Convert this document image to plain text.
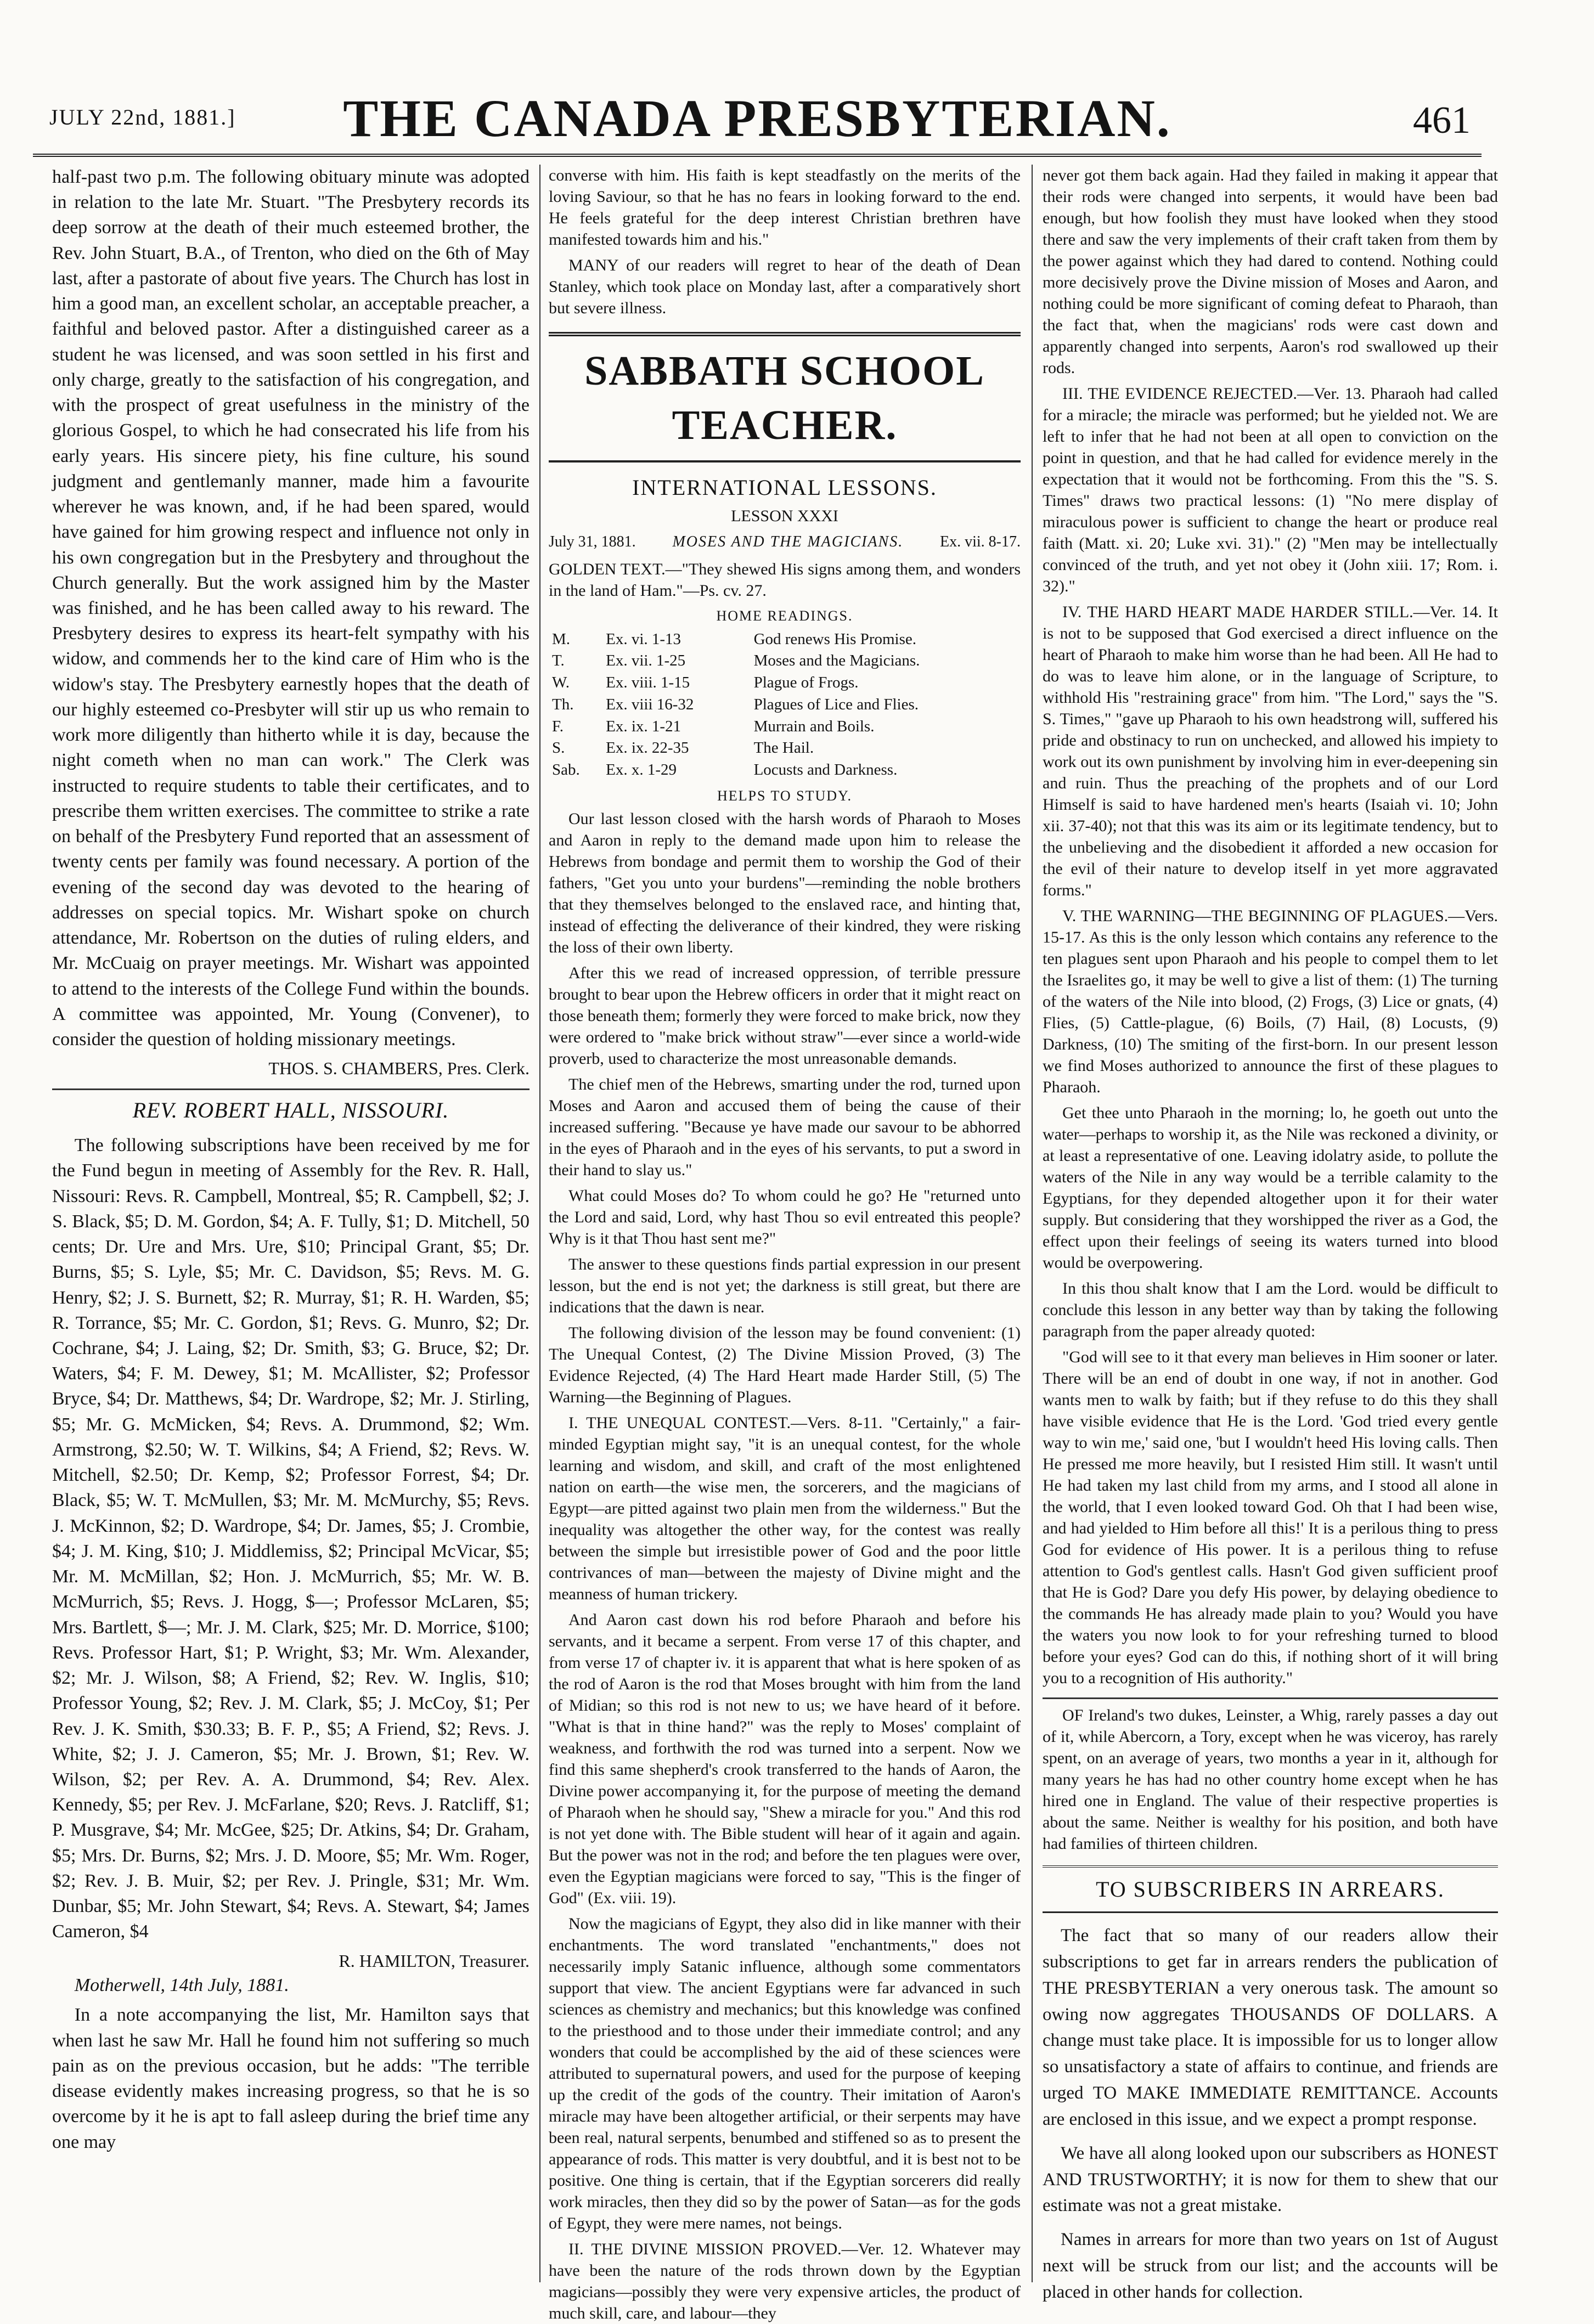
JULY 22nd, 1881.]	THE CANADA PRESBYTERIAN.	461

half-past two p.m. The following obituary minute was adopted in relation to the late Mr. Stuart. "The Presbytery records its deep sorrow at the death of their much esteemed brother, the Rev. John Stuart, B.A., of Trenton, who died on the 6th of May last, after a pastorate of about five years. The Church has lost in him a good man, an excellent scholar, an acceptable preacher, a faithful and beloved pastor. After a distinguished career as a student he was licensed, and was soon settled in his first and only charge, greatly to the satisfaction of his congregation, and with the prospect of great usefulness in the ministry of the glorious Gospel, to which he had consecrated his life from his early years. His sincere piety, his fine culture, his sound judgment and gentlemanly manner, made him a favourite wherever he was known, and, if he had been spared, would have gained for him growing respect and influence not only in his own congregation but in the Presbytery and throughout the Church generally. But the work assigned him by the Master was finished, and he has been called away to his reward. The Presbytery desires to express its heart-felt sympathy with his widow, and commends her to the kind care of Him who is the widow's stay. The Presbytery earnestly hopes that the death of our highly esteemed co-Presbyter will stir up us who remain to work more diligently than hitherto while it is day, because the night cometh when no man can work." The Clerk was instructed to require students to table their certificates, and to prescribe them written exercises. The committee to strike a rate on behalf of the Presbytery Fund reported that an assessment of twenty cents per family was found necessary. A portion of the evening of the second day was devoted to the hearing of addresses on special topics. Mr. Wishart spoke on church attendance, Mr. Robertson on the duties of ruling elders, and Mr. McCuaig on prayer meetings. Mr. Wishart was appointed to attend to the interests of the College Fund within the bounds. A committee was appointed, Mr. Young (Convener), to consider the question of holding missionary meetings.

THOS. S. CHAMBERS, Pres. Clerk.
REV. ROBERT HALL, NISSOURI.

The following subscriptions have been received by me for the Fund begun in meeting of Assembly for the Rev. R. Hall, Nissouri: Revs. R. Campbell, Montreal, $5; R. Campbell, $2; J. S. Black, $5; D. M. Gordon, $4; A. F. Tully, $1; D. Mitchell, 50 cents; Dr. Ure and Mrs. Ure, $10; Principal Grant, $5; Dr. Burns, $5; S. Lyle, $5; Mr. C. Davidson, $5; Revs. M. G. Henry, $2; J. S. Burnett, $2; R. Murray, $1; R. H. Warden, $5; R. Torrance, $5; Mr. C. Gordon, $1; Revs. G. Munro, $2; Dr. Cochrane, $4; J. Laing, $2; Dr. Smith, $3; G. Bruce, $2; Dr. Waters, $4; F. M. Dewey, $1; M. McAllister, $2; Professor Bryce, $4; Dr. Matthews, $4; Dr. Wardrope, $2; Mr. J. Stirling, $5; Mr. G. McMicken, $4; Revs. A. Drummond, $2; Wm. Armstrong, $2.50; W. T. Wilkins, $4; A Friend, $2; Revs. W. Mitchell, $2.50; Dr. Kemp, $2; Professor Forrest, $4; Dr. Black, $5; W. T. McMullen, $3; Mr. M. McMurchy, $5; Revs. J. McKinnon, $2; D. Wardrope, $4; Dr. James, $5; J. Crombie, $4; J. M. King, $10; J. Middlemiss, $2; Principal McVicar, $5; Mr. M. McMillan, $2; Hon. J. McMurrich, $5; Mr. W. B. McMurrich, $5; Revs. J. Hogg, $—; Professor McLaren, $5; Mrs. Bartlett, $—; Mr. J. M. Clark, $25; Mr. D. Morrice, $100; Revs. Professor Hart, $1; P. Wright, $3; Mr. Wm. Alexander, $2; Mr. J. Wilson, $8; A Friend, $2; Rev. W. Inglis, $10; Professor Young, $2; Rev. J. M. Clark, $5; J. McCoy, $1; Per Rev. J. K. Smith, $30.33; B. F. P., $5; A Friend, $2; Revs. J. White, $2; J. J. Cameron, $5; Mr. J. Brown, $1; Rev. W. Wilson, $2; per Rev. A. A. Drummond, $4; Rev. Alex. Kennedy, $5; per Rev. J. McFarlane, $20; Revs. J. Ratcliff, $1; P. Musgrave, $4; Mr. McGee, $25; Dr. Atkins, $4; Dr. Graham, $5; Mrs. Dr. Burns, $2; Mrs. J. D. Moore, $5; Mr. Wm. Roger, $2; Rev. J. B. Muir, $2; per Rev. J. Pringle, $31; Mr. Wm. Dunbar, $5; Mr. John Stewart, $4; Revs. A. Stewart, $4; James Cameron, $4

R. HAMILTON, Treasurer.

Motherwell, 14th July, 1881.

In a note accompanying the list, Mr. Hamilton says that when last he saw Mr. Hall he found him not suffering so much pain as on the previous occasion, but he adds: "The terrible disease evidently makes increasing progress, so that he is so overcome by it he is apt to fall asleep during the brief time any one may

converse with him. His faith is kept steadfastly on the merits of the loving Saviour, so that he has no fears in looking forward to the end. He feels grateful for the deep interest Christian brethren have manifested towards him and his."

MANY of our readers will regret to hear of the death of Dean Stanley, which took place on Monday last, after a comparatively short but severe illness.

SABBATH SCHOOL TEACHER.
INTERNATIONAL LESSONS.
LESSON XXXI
July 31, 1881. MOSES AND THE MAGICIANS. Ex. vii. 8-17.

GOLDEN TEXT.—"They shewed His signs among them, and wonders in the land of Ham."—Ps. cv. 27.

HOME READINGS.
M.	Ex. vi. 1-13	God renews His Promise.
T.	Ex. vii. 1-25	Moses and the Magicians.
W.	Ex. viii. 1-15	Plague of Frogs.
Th.	Ex. viii 16-32	Plagues of Lice and Flies.
F.	Ex. ix. 1-21	Murrain and Boils.
S.	Ex. ix. 22-35	The Hail.
Sab.	Ex. x. 1-29	Locusts and Darkness.
HELPS TO STUDY.

Our last lesson closed with the harsh words of Pharaoh to Moses and Aaron in reply to the demand made upon him to release the Hebrews from bondage and permit them to worship the God of their fathers, "Get you unto your burdens"—reminding the noble brothers that they themselves belonged to the enslaved race, and hinting that, instead of effecting the deliverance of their kindred, they were risking the loss of their own liberty.

After this we read of increased oppression, of terrible pressure brought to bear upon the Hebrew officers in order that it might react on those beneath them; formerly they were forced to make brick, now they were ordered to "make brick without straw"—ever since a world-wide proverb, used to characterize the most unreasonable demands.

The chief men of the Hebrews, smarting under the rod, turned upon Moses and Aaron and accused them of being the cause of their increased suffering. "Because ye have made our savour to be abhorred in the eyes of Pharaoh and in the eyes of his servants, to put a sword in their hand to slay us."

What could Moses do? To whom could he go? He "returned unto the Lord and said, Lord, why hast Thou so evil entreated this people? Why is it that Thou hast sent me?"

The answer to these questions finds partial expression in our present lesson, but the end is not yet; the darkness is still great, but there are indications that the dawn is near.

The following division of the lesson may be found convenient: (1) The Unequal Contest, (2) The Divine Mission Proved, (3) The Evidence Rejected, (4) The Hard Heart made Harder Still, (5) The Warning—the Beginning of Plagues.

I. THE UNEQUAL CONTEST.—Vers. 8-11. "Certainly," a fair-minded Egyptian might say, "it is an unequal contest, for the whole learning and wisdom, and skill, and craft of the most enlightened nation on earth—the wise men, the sorcerers, and the magicians of Egypt—are pitted against two plain men from the wilderness." But the inequality was altogether the other way, for the contest was really between the simple but irresistible power of God and the poor little contrivances of man—between the majesty of Divine might and the meanness of human trickery.

And Aaron cast down his rod before Pharaoh and before his servants, and it became a serpent. From verse 17 of this chapter, and from verse 17 of chapter iv. it is apparent that what is here spoken of as the rod of Aaron is the rod that Moses brought with him from the land of Midian; so this rod is not new to us; we have heard of it before. "What is that in thine hand?" was the reply to Moses' complaint of weakness, and forthwith the rod was turned into a serpent. Now we find this same shepherd's crook transferred to the hands of Aaron, the Divine power accompanying it, for the purpose of meeting the demand of Pharaoh when he should say, "Shew a miracle for you." And this rod is not yet done with. The Bible student will hear of it again and again. But the power was not in the rod; and before the ten plagues were over, even the Egyptian magicians were forced to say, "This is the finger of God" (Ex. viii. 19).

Now the magicians of Egypt, they also did in like manner with their enchantments. The word translated "enchantments," does not necessarily imply Satanic influence, although some commentators support that view. The ancient Egyptians were far advanced in such sciences as chemistry and mechanics; but this knowledge was confined to the priesthood and to those under their immediate control; and any wonders that could be accomplished by the aid of these sciences were attributed to supernatural powers, and used for the purpose of keeping up the credit of the gods of the country. Their imitation of Aaron's miracle may have been altogether artificial, or their serpents may have been real, natural serpents, benumbed and stiffened so as to present the appearance of rods. This matter is very doubtful, and it is best not to be positive. One thing is certain, that if the Egyptian sorcerers did really work miracles, then they did so by the power of Satan—as for the gods of Egypt, they were mere names, not beings.

II. THE DIVINE MISSION PROVED.—Ver. 12. Whatever may have been the nature of the rods thrown down by the Egyptian magicians—possibly they were very expensive articles, the product of much skill, care, and labour—they

never got them back again. Had they failed in making it appear that their rods were changed into serpents, it would have been bad enough, but how foolish they must have looked when they stood there and saw the very implements of their craft taken from them by the power against which they had dared to contend. Nothing could more decisively prove the Divine mission of Moses and Aaron, and nothing could be more significant of coming defeat to Pharaoh, than the fact that, when the magicians' rods were cast down and apparently changed into serpents, Aaron's rod swallowed up their rods.

III. THE EVIDENCE REJECTED.—Ver. 13. Pharaoh had called for a miracle; the miracle was performed; but he yielded not. We are left to infer that he had not been at all open to conviction on the point in question, and that he had called for evidence merely in the expectation that it would not be forthcoming. From this the "S. S. Times" draws two practical lessons: (1) "No mere display of miraculous power is sufficient to change the heart or produce real faith (Matt. xi. 20; Luke xvi. 31)." (2) "Men may be intellectually convinced of the truth, and yet not obey it (John xiii. 17; Rom. i. 32)."

IV. THE HARD HEART MADE HARDER STILL.—Ver. 14. It is not to be supposed that God exercised a direct influence on the heart of Pharaoh to make him worse than he had been. All He had to do was to leave him alone, or in the language of Scripture, to withhold His "restraining grace" from him. "The Lord," says the "S. S. Times," "gave up Pharaoh to his own headstrong will, suffered his pride and obstinacy to run on unchecked, and allowed his impiety to work out its own punishment by involving him in ever-deepening sin and ruin. Thus the preaching of the prophets and of our Lord Himself is said to have hardened men's hearts (Isaiah vi. 10; John xii. 37-40); not that this was its aim or its legitimate tendency, but to the unbelieving and the disobedient it afforded a new occasion for the evil of their nature to develop itself in yet more aggravated forms."

V. THE WARNING—THE BEGINNING OF PLAGUES.—Vers. 15-17. As this is the only lesson which contains any reference to the ten plagues sent upon Pharaoh and his people to compel them to let the Israelites go, it may be well to give a list of them: (1) The turning of the waters of the Nile into blood, (2) Frogs, (3) Lice or gnats, (4) Flies, (5) Cattle-plague, (6) Boils, (7) Hail, (8) Locusts, (9) Darkness, (10) The smiting of the first-born. In our present lesson we find Moses authorized to announce the first of these plagues to Pharaoh.

Get thee unto Pharaoh in the morning; lo, he goeth out unto the water—perhaps to worship it, as the Nile was reckoned a divinity, or at least a representative of one. Leaving idolatry aside, to pollute the waters of the Nile in any way would be a terrible calamity to the Egyptians, for they depended altogether upon it for their water supply. But considering that they worshipped the river as a God, the effect upon their feelings of seeing its waters turned into blood would be overpowering.

In this thou shalt know that I am the Lord. would be difficult to conclude this lesson in any better way than by taking the following paragraph from the paper already quoted:

"God will see to it that every man believes in Him sooner or later. There will be an end of doubt in one way, if not in another. God wants men to walk by faith; but if they refuse to do this they shall have visible evidence that He is the Lord. 'God tried every gentle way to win me,' said one, 'but I wouldn't heed His loving calls. Then He pressed me more heavily, but I resisted Him still. It wasn't until He had taken my last child from my arms, and I stood all alone in the world, that I even looked toward God. Oh that I had been wise, and had yielded to Him before all this!' It is a perilous thing to press God for evidence of His power. It is a perilous thing to refuse attention to God's gentlest calls. Hasn't God given sufficient proof that He is God? Dare you defy His power, by delaying obedience to the commands He has already made plain to you? Would you have the waters you now look to for your refreshing turned to blood before your eyes? God can do this, if nothing short of it will bring you to a recognition of His authority."

OF Ireland's two dukes, Leinster, a Whig, rarely passes a day out of it, while Abercorn, a Tory, except when he was viceroy, has rarely spent, on an average of years, two months a year in it, although for many years he has had no other country home except when he has hired one in England. The value of their respective properties is about the same. Neither is wealthy for his position, and both have had families of thirteen children.

TO SUBSCRIBERS IN ARREARS.

The fact that so many of our readers allow their subscriptions to get far in arrears renders the publication of THE PRESBYTERIAN a very onerous task. The amount so owing now aggregates THOUSANDS OF DOLLARS. A change must take place. It is impossible for us to longer allow so unsatisfactory a state of affairs to continue, and friends are urged TO MAKE IMMEDIATE REMITTANCE. Accounts are enclosed in this issue, and we expect a prompt response.

We have all along looked upon our subscribers as HONEST AND TRUSTWORTHY; it is now for them to shew that our estimate was not a great mistake.

Names in arrears for more than two years on 1st of August next will be struck from our list; and the accounts will be placed in other hands for collection.
